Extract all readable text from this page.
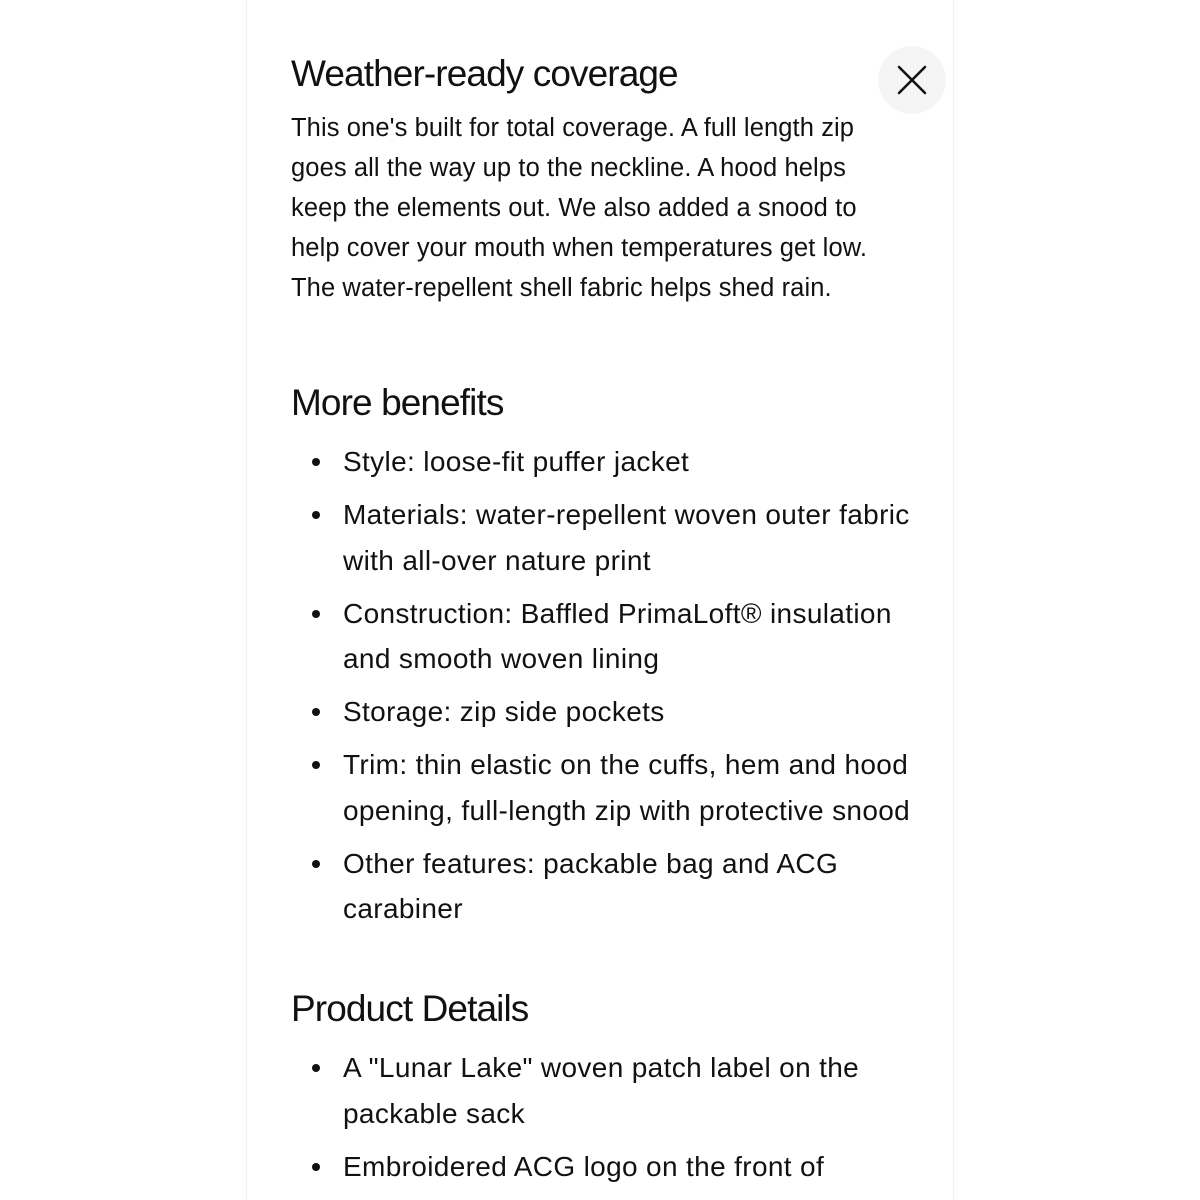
Weather-ready coverage

This one's built for total coverage. A full length zip goes all the way up to the neckline. A hood helps keep the elements out. We also added a snood to help cover your mouth when temperatures get low. The water-repellent shell fabric helps shed rain.

More benefits
Style: loose-fit puffer jacket
Materials: water-repellent woven outer fabric with all-over nature print
Construction: Baffled PrimaLoft® insulation and smooth woven lining
Storage: zip side pockets
Trim: thin elastic on the cuffs, hem and hood opening, full-length zip with protective snood
Other features: packable bag and ACG carabiner
Product Details
A "Lunar Lake" woven patch label on the packable sack
Embroidered ACG logo on the front of
